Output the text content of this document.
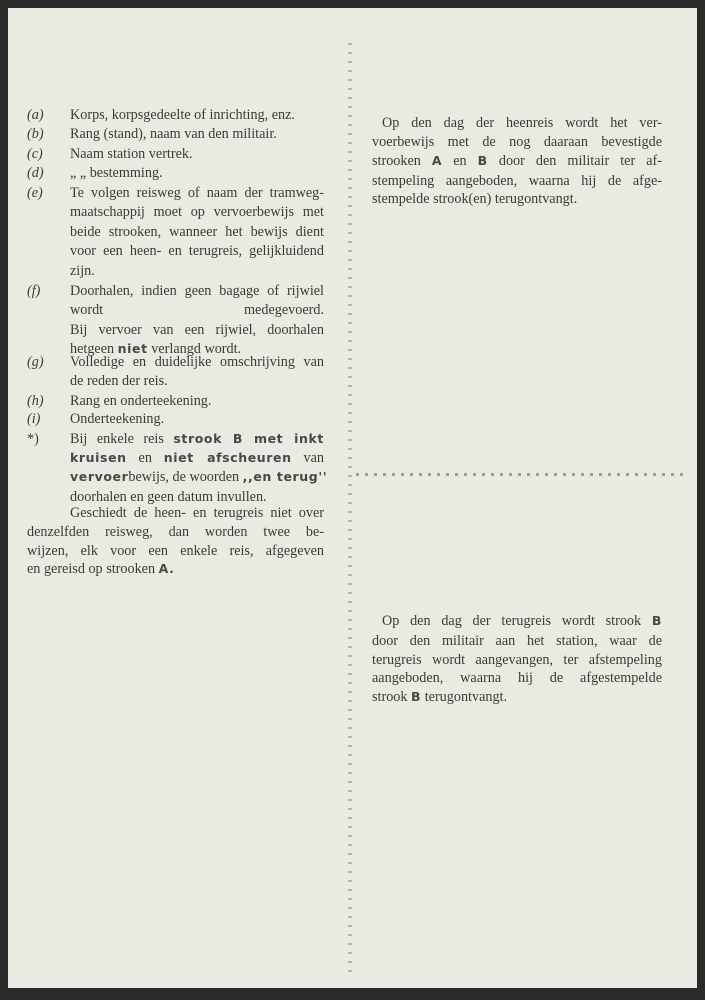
(a) Korps, korpsgedeelte of inrichting, enz.
(b) Rang (stand), naam van den militair.
(c) Naam station vertrek.
(d) „ „ bestemming.
(e) Te volgen reisweg of naam der tramweg-
maatschappij moet op vervoerbewijs met
beide strooken, wanneer het bewijs dient
voor een heen- en terugreis, gelijkluidend
zijn.
(f) Doorhalen, indien geen bagage of rijwiel
wordt medegevoerd.
Bij vervoer van een rijwiel, doorhalen
hetgeen niet verlangd wordt.
(g) Volledige en duidelijke omschrijving van
de reden der reis.
(h) Rang en onderteekening.
(i) Onderteekening.
*) Bij enkele reis strook B met inkt
kruisen en niet afscheuren van
vervoerbewijs, de woorden ,,en terug''
doorhalen en geen datum invullen.
Geschiedt de heen- en terugreis niet over
denzelfden reisweg, dan worden twee be-
wijzen, elk voor een enkele reis, afgegeven
en gereisd op strooken A.
Op den dag der heenreis wordt het ver-
voerbewijs met de nog daaraan bevestigde
strooken A en B door den militair ter af-
stempeling aangeboden, waarna hij de afge-
stempelde strook(en) terugontvangt.
Op den dag der terugreis wordt strook B
door den militair aan het station, waar de
terugreis wordt aangevangen, ter afstempeling
aangeboden, waarna hij de afgestempelde
strook B terugontvangt.
